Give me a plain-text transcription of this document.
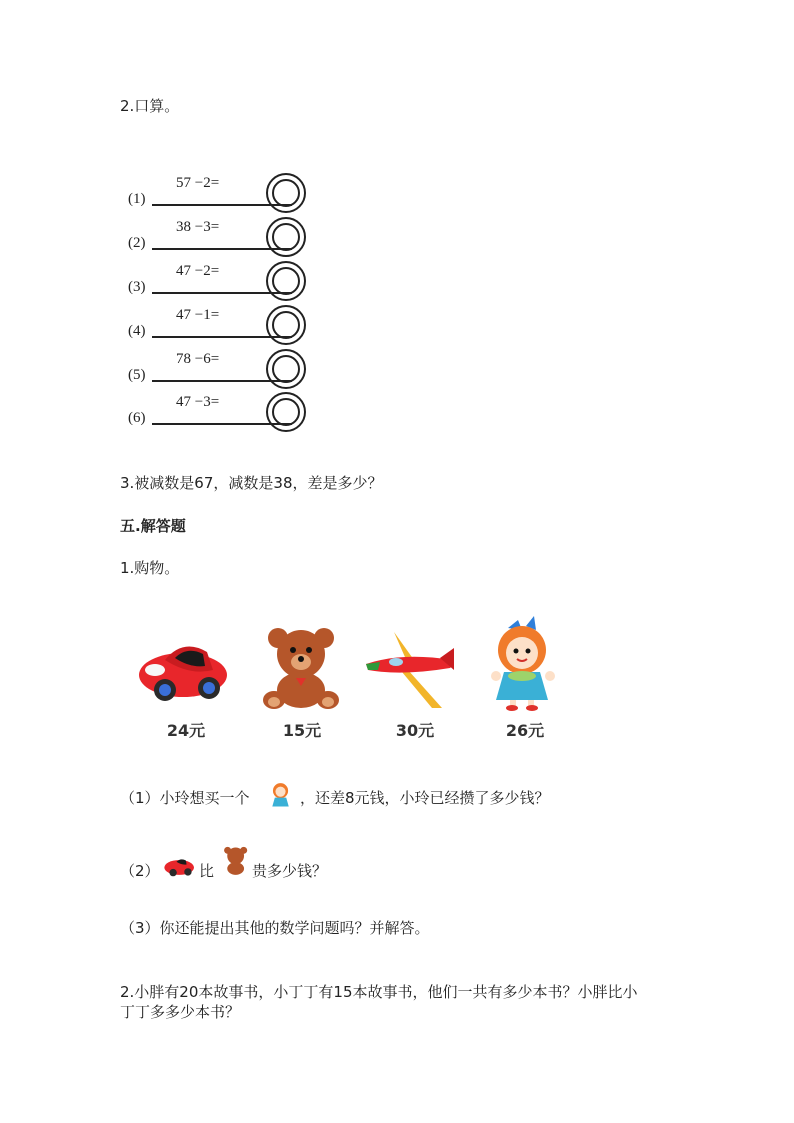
2.口算。
(1)
57 −2=
(2)
38 −3=
(3)
47 −2=
(4)
47 −1=
(5)
78 −6=
(6)
47 −3=
3.被减数是67，减数是38，差是多少？
五.解答题
1.购物。
24元	15元	30元	26元
（1）小玲想买一个	，还差8元钱，小玲已经攒了多少钱？
（2）	比	贵多少钱？
（3）你还能提出其他的数学问题吗？并解答。
2.小胖有20本故事书，小丁丁有15本故事书，他们一共有多少本书？小胖比小
丁丁多多少本书？
